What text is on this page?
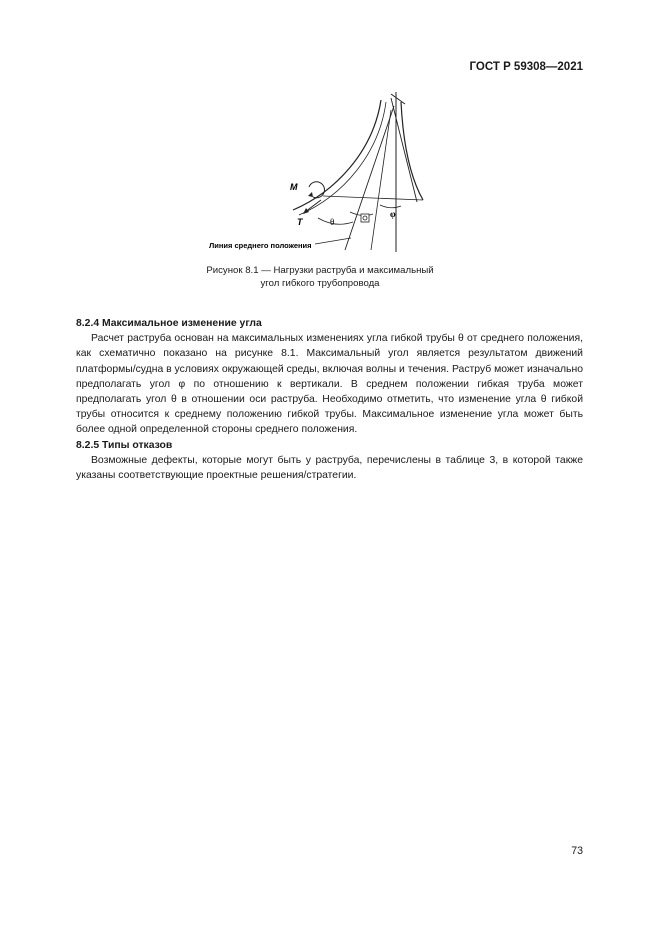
ГОСТ Р 59308—2021
M
T	θ
φ
Линия среднего положения
Рисунок 8.1 — Нагрузки раструба и максимальный
угол гибкого трубопровода

8.2.4 Максимальное изменение угла

Расчет раструба основан на максимальных изменениях угла гибкой трубы θ от среднего положения, как схематично показано на рисунке 8.1. Максимальный угол является результатом движений платформы/судна в условиях окружающей среды, включая волны и течения. Раструб может изначально предполагать угол φ по отношению к вертикали. В среднем положении гибкая труба может предполагать угол θ в отношении оси раструба. Необходимо отметить, что изменение угла θ гибкой трубы относится к среднему положению гибкой трубы. Максимальное изменение угла может быть более одной определенной стороны среднего положения.

8.2.5 Типы отказов

Возможные дефекты, которые могут быть у раструба, перечислены в таблице 3, в которой также указаны соответствующие проектные решения/стратегии.

73
